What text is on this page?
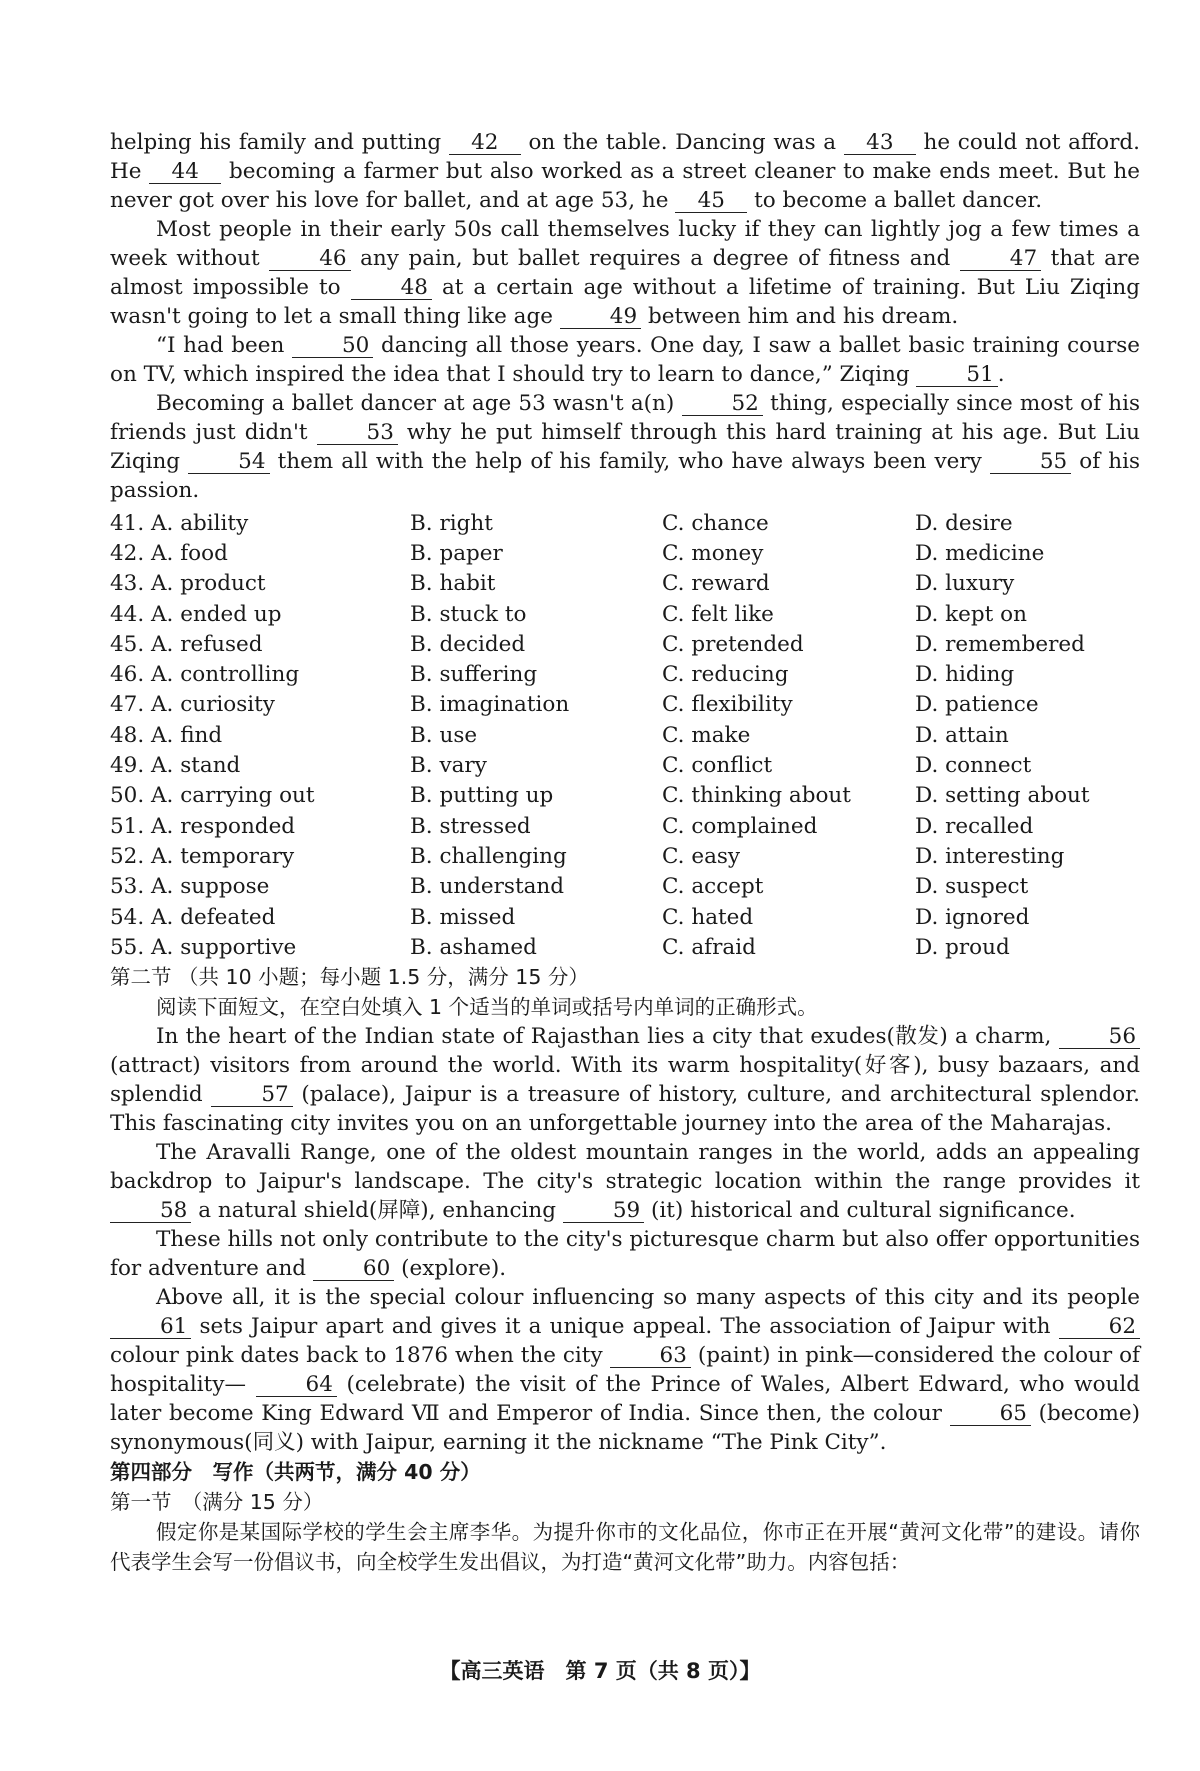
helping his family and putting 42 on the table. Dancing was a 43 he could not afford. He 44 becoming a farmer but also worked as a street cleaner to make ends meet. But he never got over his love for ballet, and at age 53, he 45 to become a ballet dancer.

Most people in their early 50s call themselves lucky if they can lightly jog a few times a week without 46 any pain, but ballet requires a degree of fitness and 47 that are almost impossible to 48 at a certain age without a lifetime of training. But Liu Ziqing wasn't going to let a small thing like age 49 between him and his dream.

“I had been 50 dancing all those years. One day, I saw a ballet basic training course on TV, which inspired the idea that I should try to learn to dance,” Ziqing 51 .

Becoming a ballet dancer at age 53 wasn't a(n) 52 thing, especially since most of his friends just didn't 53 why he put himself through this hard training at his age. But Liu Ziqing 54 them all with the help of his family, who have always been very 55 of his passion.

41. A. ability	B. right	C. chance	D. desire
42. A. food	B. paper	C. money	D. medicine
43. A. product	B. habit	C. reward	D. luxury
44. A. ended up	B. stuck to	C. felt like	D. kept on
45. A. refused	B. decided	C. pretended	D. remembered
46. A. controlling	B. suffering	C. reducing	D. hiding
47. A. curiosity	B. imagination	C. flexibility	D. patience
48. A. find	B. use	C. make	D. attain
49. A. stand	B. vary	C. conflict	D. connect
50. A. carrying out	B. putting up	C. thinking about	D. setting about
51. A. responded	B. stressed	C. complained	D. recalled
52. A. temporary	B. challenging	C. easy	D. interesting
53. A. suppose	B. understand	C. accept	D. suspect
54. A. defeated	B. missed	C. hated	D. ignored
55. A. supportive	B. ashamed	C. afraid	D. proud
第二节 （共 10 小题；每小题 1.5 分，满分 15 分）
阅读下面短文，在空白处填入 1 个适当的单词或括号内单词的正确形式。

In the heart of the Indian state of Rajasthan lies a city that exudes(散发) a charm, 56 (attract) visitors from around the world. With its warm hospitality(好客), busy bazaars, and splendid 57 (palace), Jaipur is a treasure of history, culture, and architectural splendor. This fascinating city invites you on an unforgettable journey into the area of the Maharajas.

The Aravalli Range, one of the oldest mountain ranges in the world, adds an appealing backdrop to Jaipur's landscape. The city's strategic location within the range provides it 58 a natural shield(屏障), enhancing 59 (it) historical and cultural significance.

These hills not only contribute to the city's picturesque charm but also offer opportunities for adventure and 60 (explore).

Above all, it is the special colour influencing so many aspects of this city and its people 61 sets Jaipur apart and gives it a unique appeal. The association of Jaipur with 62 colour pink dates back to 1876 when the city 63 (paint) in pink—considered the colour of hospitality— 64 (celebrate) the visit of the Prince of Wales, Albert Edward, who would later become King Edward Ⅶ and Emperor of India. Since then, the colour 65 (become) synonymous(同义) with Jaipur, earning it the nickname “The Pink City”.

第四部分　写作（共两节，满分 40 分）
第一节　（满分 15 分）
假定你是某国际学校的学生会主席李华。为提升你市的文化品位，你市正在开展“黄河文化带”的建设。请你代表学生会写一份倡议书，向全校学生发出倡议，为打造“黄河文化带”助力。内容包括：
【高三英语　第 7 页（共 8 页）】
